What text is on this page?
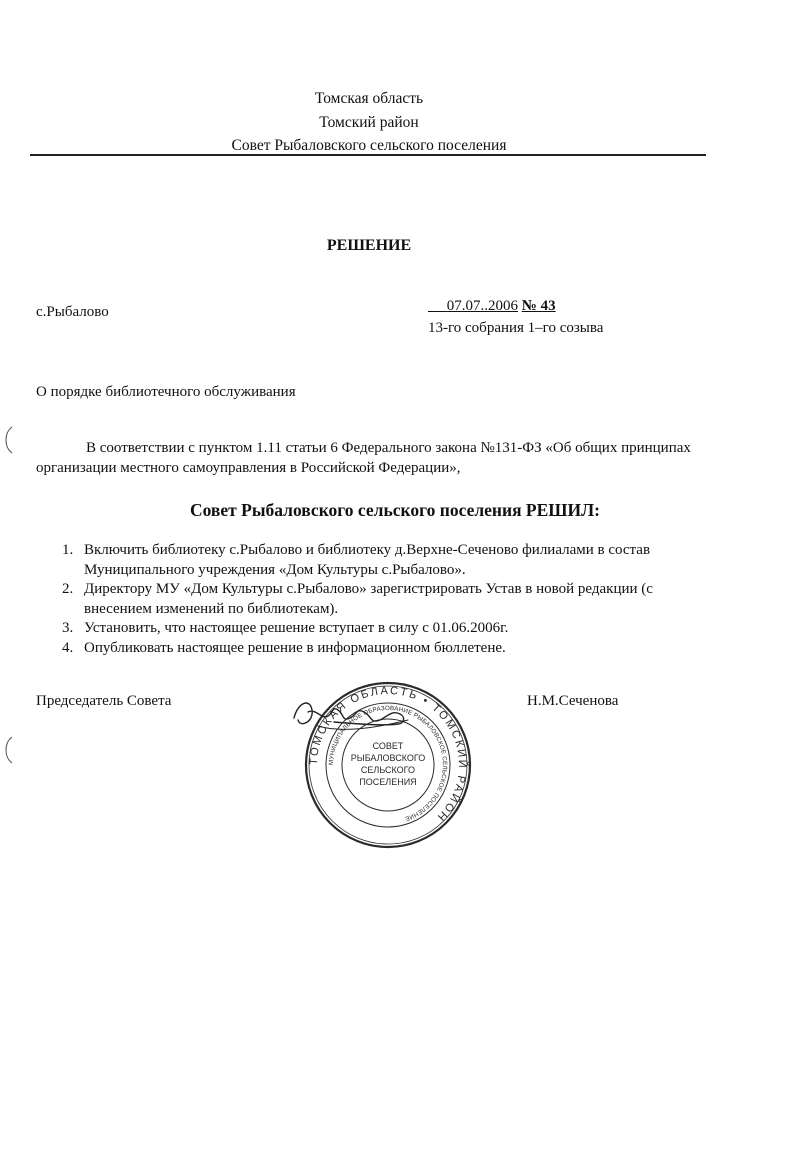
Томская область
Томский район
Совет Рыбаловского сельского поселения
РЕШЕНИЕ
с.Рыбалово	07.07..2006 № 43
13-го собрания 1–го созыва
О порядке библиотечного обслуживания
В соответствии с пунктом 1.11 статьи 6 Федерального закона №131-ФЗ «Об общих принципах организации местного самоуправления в Российской Федерации»,
Совет Рыбаловского сельского поселения РЕШИЛ:
1. Включить библиотеку с.Рыбалово и библиотеку д.Верхне-Сеченово филиалами в состав Муниципального учреждения «Дом Культуры с.Рыбалово».
2. Директору МУ «Дом Культуры с.Рыбалово» зарегистрировать Устав в новой редакции (с внесением изменений по библиотекам).
3. Установить, что настоящее решение вступает в силу с 01.06.2006г.
4. Опубликовать настоящее решение в информационном бюллетене.
Председатель Совета	Н.М.Сеченова
ТОМСКАЯ ОБЛАСТЬ • ТОМСКИЙ РАЙОН
МУНИЦИПАЛЬНОЕ ОБРАЗОВАНИЕ РЫБАЛОВСКОЕ СЕЛЬСКОЕ ПОСЕЛЕНИЕ
СОВЕТ
РЫБАЛОВСКОГО
СЕЛЬСКОГО
ПОСЕЛЕНИЯ
